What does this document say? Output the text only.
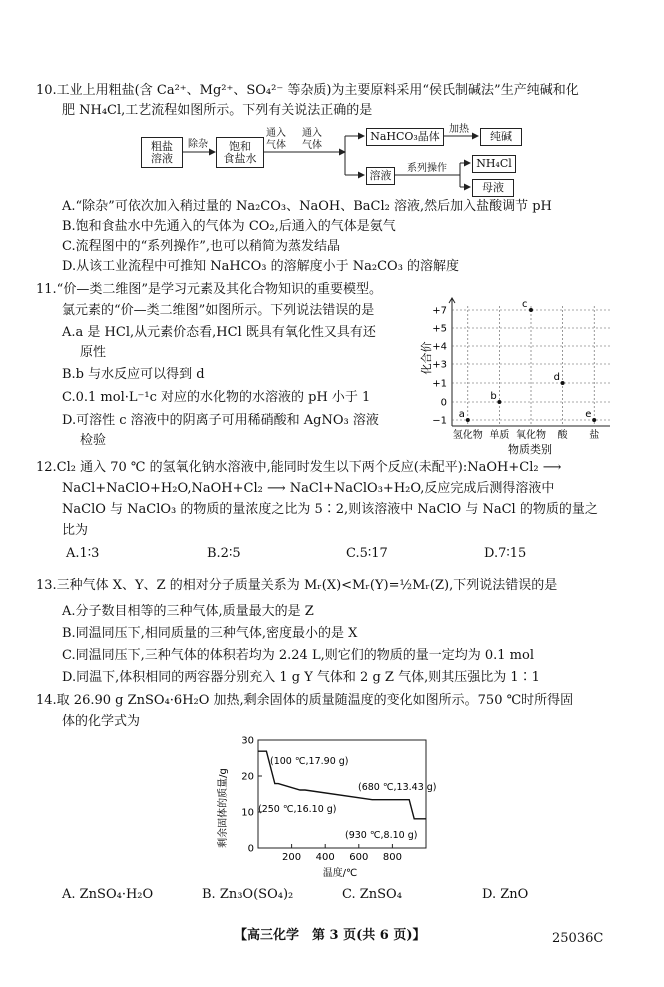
10.工业上用粗盐(含 Ca²⁺、Mg²⁺、SO₄²⁻ 等杂质)为主要原料采用“侯氏制碱法”生产纯碱和化
肥 NH₄Cl,工艺流程如图所示。下列有关说法正确的是
粗盐
溶液
除杂	饱和
食盐水
通入
气体
通入
气体
NaHCO₃晶体
加热
纯碱
溶液
系列操作	NH₄Cl
母液
A.“除杂”可依次加入稍过量的 Na₂CO₃、NaOH、BaCl₂ 溶液,然后加入盐酸调节 pH
B.饱和食盐水中先通入的气体为 CO₂,后通入的气体是氨气
C.流程图中的“系列操作”,也可以稍简为蒸发结晶
D.从该工业流程中可推知 NaHCO₃ 的溶解度小于 Na₂CO₃ 的溶解度
11.“价—类二维图”是学习元素及其化合物知识的重要模型。
氯元素的“价—类二维图”如图所示。下列说法错误的是
A.a 是 HCl,从元素价态看,HCl 既具有氧化性又具有还
原性
B.b 与水反应可以得到 d
C.0.1 mol·L⁻¹c 对应的水化物的水溶液的 pH 小于 1
D.可溶性 c 溶液中的阴离子可用稀硝酸和 AgNO₃ 溶液
检验
化合价
+7
+5
+4
+3
+1
0
−1
氢化物 单质 氧化物 酸 盐
a
b
c
d
e
物质类别
12.Cl₂ 通入 70 ℃ 的氢氧化钠水溶液中,能同时发生以下两个反应(未配平):NaOH+Cl₂ ⟶
NaCl+NaClO+H₂O,NaOH+Cl₂ ⟶ NaCl+NaClO₃+H₂O,反应完成后测得溶液中
NaClO 与 NaClO₃ 的物质的量浓度之比为 5∶2,则该溶液中 NaClO 与 NaCl 的物质的量之
比为
A.1∶3	B.2∶5	C.5∶17	D.7∶15
13.三种气体 X、Y、Z 的相对分子质量关系为 Mᵣ(X)<Mᵣ(Y)=½Mᵣ(Z),下列说法错误的是
A.分子数目相等的三种气体,质量最大的是 Z
B.同温同压下,相同质量的三种气体,密度最小的是 X
C.同温同压下,三种气体的体积若均为 2.24 L,则它们的物质的量一定均为 0.1 mol
D.同温下,体积相同的两容器分别充入 1 g Y 气体和 2 g Z 气体,则其压强比为 1∶1
14.取 26.90 g ZnSO₄·6H₂O 加热,剩余固体的质量随温度的变化如图所示。750 ℃时所得固
体的化学式为
剩余固体的质量/g
30
20
10
0
200 400 600 800
(100 ℃,17.90 g)
(250 ℃,16.10 g)
(680 ℃,13.43 g)
(930 ℃,8.10 g)
温度/℃
A. ZnSO₄·H₂O	B. Zn₃O(SO₄)₂	C. ZnSO₄	D. ZnO
【高三化学　第 3 页(共 6 页)】	25036C
